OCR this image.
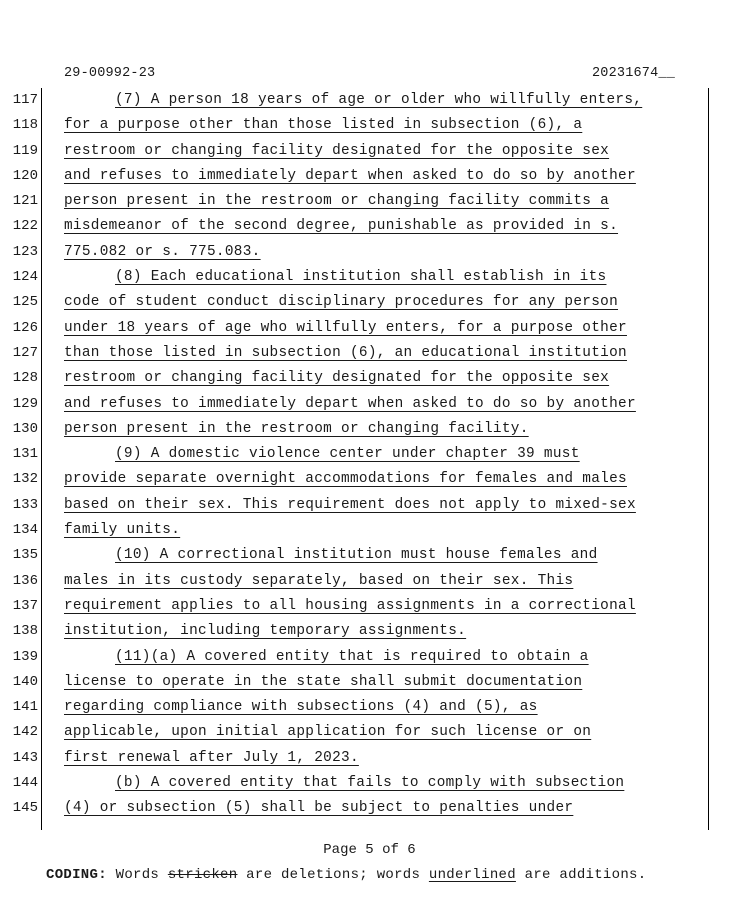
29-00992-23	20231674__
117	(7) A person 18 years of age or older who willfully enters,
118 for a purpose other than those listed in subsection (6), a
119 restroom or changing facility designated for the opposite sex
120 and refuses to immediately depart when asked to do so by another
121 person present in the restroom or changing facility commits a
122 misdemeanor of the second degree, punishable as provided in s.
123 775.082 or s. 775.083.
124	(8) Each educational institution shall establish in its
125 code of student conduct disciplinary procedures for any person
126 under 18 years of age who willfully enters, for a purpose other
127 than those listed in subsection (6), an educational institution
128 restroom or changing facility designated for the opposite sex
129 and refuses to immediately depart when asked to do so by another
130 person present in the restroom or changing facility.
131	(9) A domestic violence center under chapter 39 must
132 provide separate overnight accommodations for females and males
133 based on their sex. This requirement does not apply to mixed-sex
134 family units.
135	(10) A correctional institution must house females and
136 males in its custody separately, based on their sex. This
137 requirement applies to all housing assignments in a correctional
138 institution, including temporary assignments.
139	(11)(a) A covered entity that is required to obtain a
140 license to operate in the state shall submit documentation
141 regarding compliance with subsections (4) and (5), as
142 applicable, upon initial application for such license or on
143 first renewal after July 1, 2023.
144	(b) A covered entity that fails to comply with subsection
145 (4) or subsection (5) shall be subject to penalties under
Page 5 of 6
CODING: Words stricken are deletions; words underlined are additions.
